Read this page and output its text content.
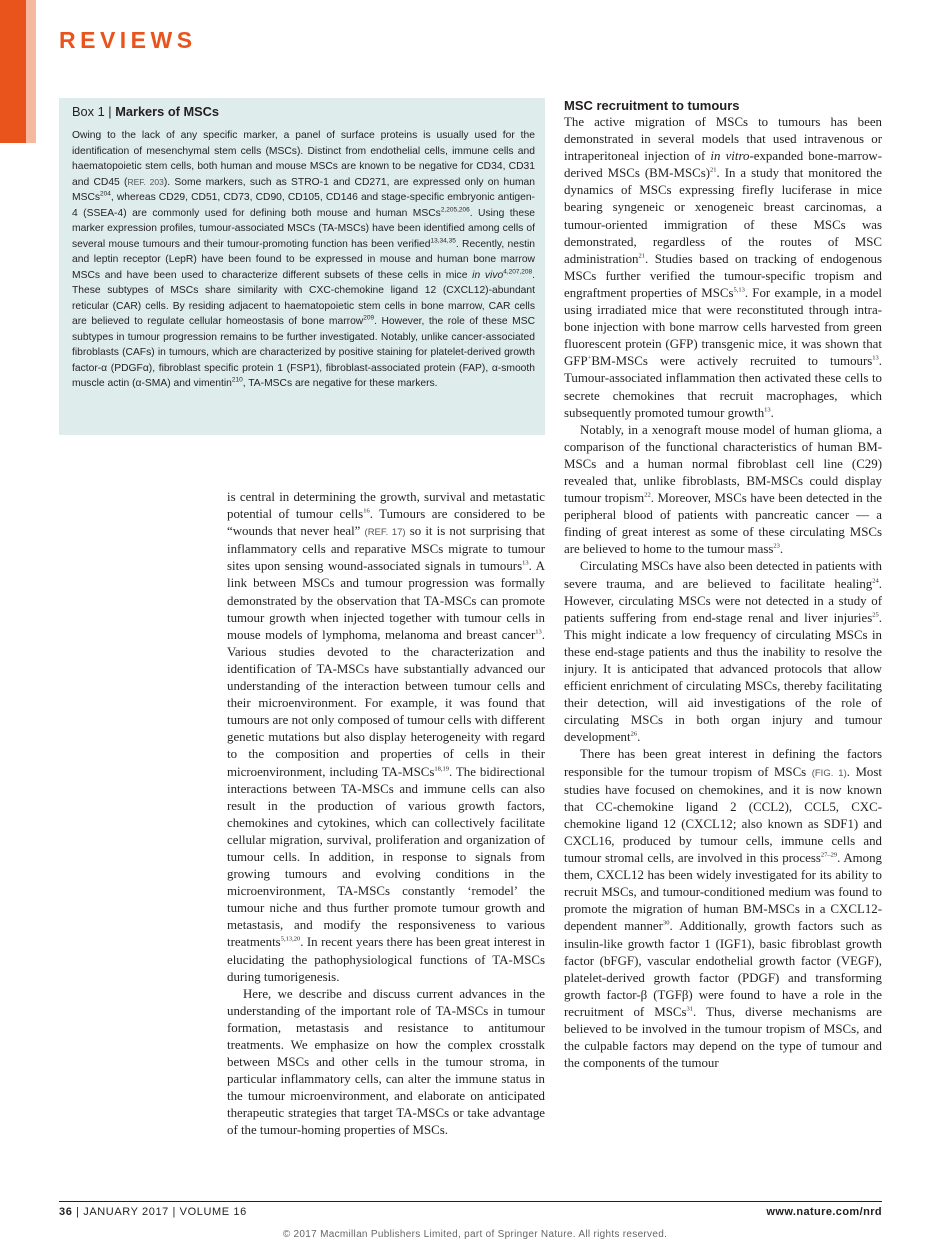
REVIEWS

Box 1 | Markers of MSCs

Owing to the lack of any specific marker, a panel of surface proteins is usually used for the identification of mesenchymal stem cells (MSCs). Distinct from endothelial cells, immune cells and haematopoietic stem cells, both human and mouse MSCs are known to be negative for CD34, CD31 and CD45 (REF. 203). Some markers, such as STRO-1 and CD271, are expressed only on human MSCs$^{204}$, whereas CD29, CD51, CD73, CD90, CD105, CD146 and stage-specific embryonic antigen-4 (SSEA-4) are commonly used for defining both mouse and human MSCs$^{2,205,206}$. Using these marker expression profiles, tumour-associated MSCs (TA-MSCs) have been identified among cells of several mouse tumours and their tumour-promoting function has been verified$^{13,34,35}$. Recently, nestin and leptin receptor (LepR) have been found to be expressed in mouse and human bone marrow MSCs and have been used to characterize different subsets of these cells in mice in vivo$^{4,207,208}$. These subtypes of MSCs share similarity with CXC-chemokine ligand 12 (CXCL12)-abundant reticular (CAR) cells. By residing adjacent to haematopoietic stem cells in bone marrow, CAR cells are believed to regulate cellular homeostasis of bone marrow$^{209}$. However, the role of these MSC subtypes in tumour progression remains to be further investigated. Notably, unlike cancer-associated fibroblasts (CAFs) in tumours, which are characterized by positive staining for platelet-derived growth factor-α (PDGFα), fibroblast specific protein 1 (FSP1), fibroblast-associated protein (FAP), α-smooth muscle actin (α-SMA) and vimentin$^{210}$, TA-MSCs are negative for these markers.

is central in determining the growth, survival and metastatic potential of tumour cells$^{16}$. Tumours are considered to be “wounds that never heal” (REF. 17) so it is not surprising that inflammatory cells and reparative MSCs migrate to tumour sites upon sensing wound-associated signals in tumours$^{13}$. A link between MSCs and tumour progression was formally demonstrated by the observation that TA-MSCs can promote tumour growth when injected together with tumour cells in mouse models of lymphoma, melanoma and breast cancer$^{13}$. Various studies devoted to the characterization and identification of TA-MSCs have substantially advanced our understanding of the interaction between tumour cells and their microenvironment. For example, it was found that tumours are not only composed of tumour cells with different genetic mutations but also display heterogeneity with regard to the composition and properties of cells in their microenvironment, including TA-MSCs$^{18,19}$. The bidirectional interactions between TA-MSCs and immune cells can also result in the production of various growth factors, chemokines and cytokines, which can collectively facilitate cellular migration, survival, proliferation and organization of tumour cells. In addition, in response to signals from growing tumours and evolving conditions in the microenvironment, TA-MSCs constantly ‘remodel’ the tumour niche and thus further promote tumour growth and metastasis, and modify the responsiveness to various treatments$^{5,13,20}$. In recent years there has been great interest in elucidating the pathophysiological functions of TA-MSCs during tumorigenesis.

Here, we describe and discuss current advances in the understanding of the important role of TA-MSCs in tumour formation, metastasis and resistance to antitumour treatments. We emphasize on how the complex crosstalk between MSCs and other cells in the tumour stroma, in particular inflammatory cells, can alter the immune status in the tumour microenvironment, and elaborate on anticipated therapeutic strategies that target TA-MSCs or take advantage of the tumour-homing properties of MSCs.

MSC recruitment to tumours

The active migration of MSCs to tumours has been demonstrated in several models that used intravenous or intraperitoneal injection of in vitro-expanded bone-marrow-derived MSCs (BM-MSCs)$^{21}$. In a study that monitored the dynamics of MSCs expressing firefly luciferase in mice bearing syngeneic or xenogeneic breast carcinomas, a tumour-oriented immigration of these MSCs was demonstrated, regardless of the routes of MSC administration$^{21}$. Studies based on tracking of endogenous MSCs further verified the tumour-specific tropism and engraftment properties of MSCs$^{5,13}$. For example, in a model using irradiated mice that were reconstituted through intra-bone injection with bone marrow cells harvested from green fluorescent protein (GFP) transgenic mice, it was shown that GFP+BM-MSCs were actively recruited to tumours$^{13}$. Tumour-associated inflammation then activated these cells to secrete chemokines that recruit macrophages, which subsequently promoted tumour growth$^{13}$.

Notably, in a xenograft mouse model of human glioma, a comparison of the functional characteristics of human BM-MSCs and a human normal fibroblast cell line (C29) revealed that, unlike fibroblasts, BM-MSCs could display tumour tropism$^{22}$. Moreover, MSCs have been detected in the peripheral blood of patients with pancreatic cancer — a finding of great interest as some of these circulating MSCs are believed to home to the tumour mass$^{23}$.

Circulating MSCs have also been detected in patients with severe trauma, and are believed to facilitate healing$^{24}$. However, circulating MSCs were not detected in a study of patients suffering from end-stage renal and liver injuries$^{25}$. This might indicate a low frequency of circulating MSCs in these end-stage patients and thus the inability to resolve the injury. It is anticipated that advanced protocols that allow efficient enrichment of circulating MSCs, thereby facilitating their detection, will aid investigations of the role of circulating MSCs in both organ injury and tumour development$^{26}$.

There has been great interest in defining the factors responsible for the tumour tropism of MSCs (FIG. 1). Most studies have focused on chemokines, and it is now known that CC-chemokine ligand 2 (CCL2), CCL5, CXC-chemokine ligand 12 (CXCL12; also known as SDF1) and CXCL16, produced by tumour cells, immune cells and tumour stromal cells, are involved in this process$^{27-29}$. Among them, CXCL12 has been widely investigated for its ability to recruit MSCs, and tumour-conditioned medium was found to promote the migration of human BM-MSCs in a CXCL12-dependent manner$^{30}$. Additionally, growth factors such as insulin-like growth factor 1 (IGF1), basic fibroblast growth factor (bFGF), vascular endothelial growth factor (VEGF), platelet-derived growth factor (PDGF) and transforming growth factor-β (TGFβ) were found to have a role in the recruitment of MSCs$^{31}$. Thus, diverse mechanisms are believed to be involved in the tumour tropism of MSCs, and the culpable factors may depend on the type of tumour and the components of the tumour

36 | JANUARY 2017 | VOLUME 16	www.nature.com/nrd
© 2017 Macmillan Publishers Limited, part of Springer Nature. All rights reserved.
